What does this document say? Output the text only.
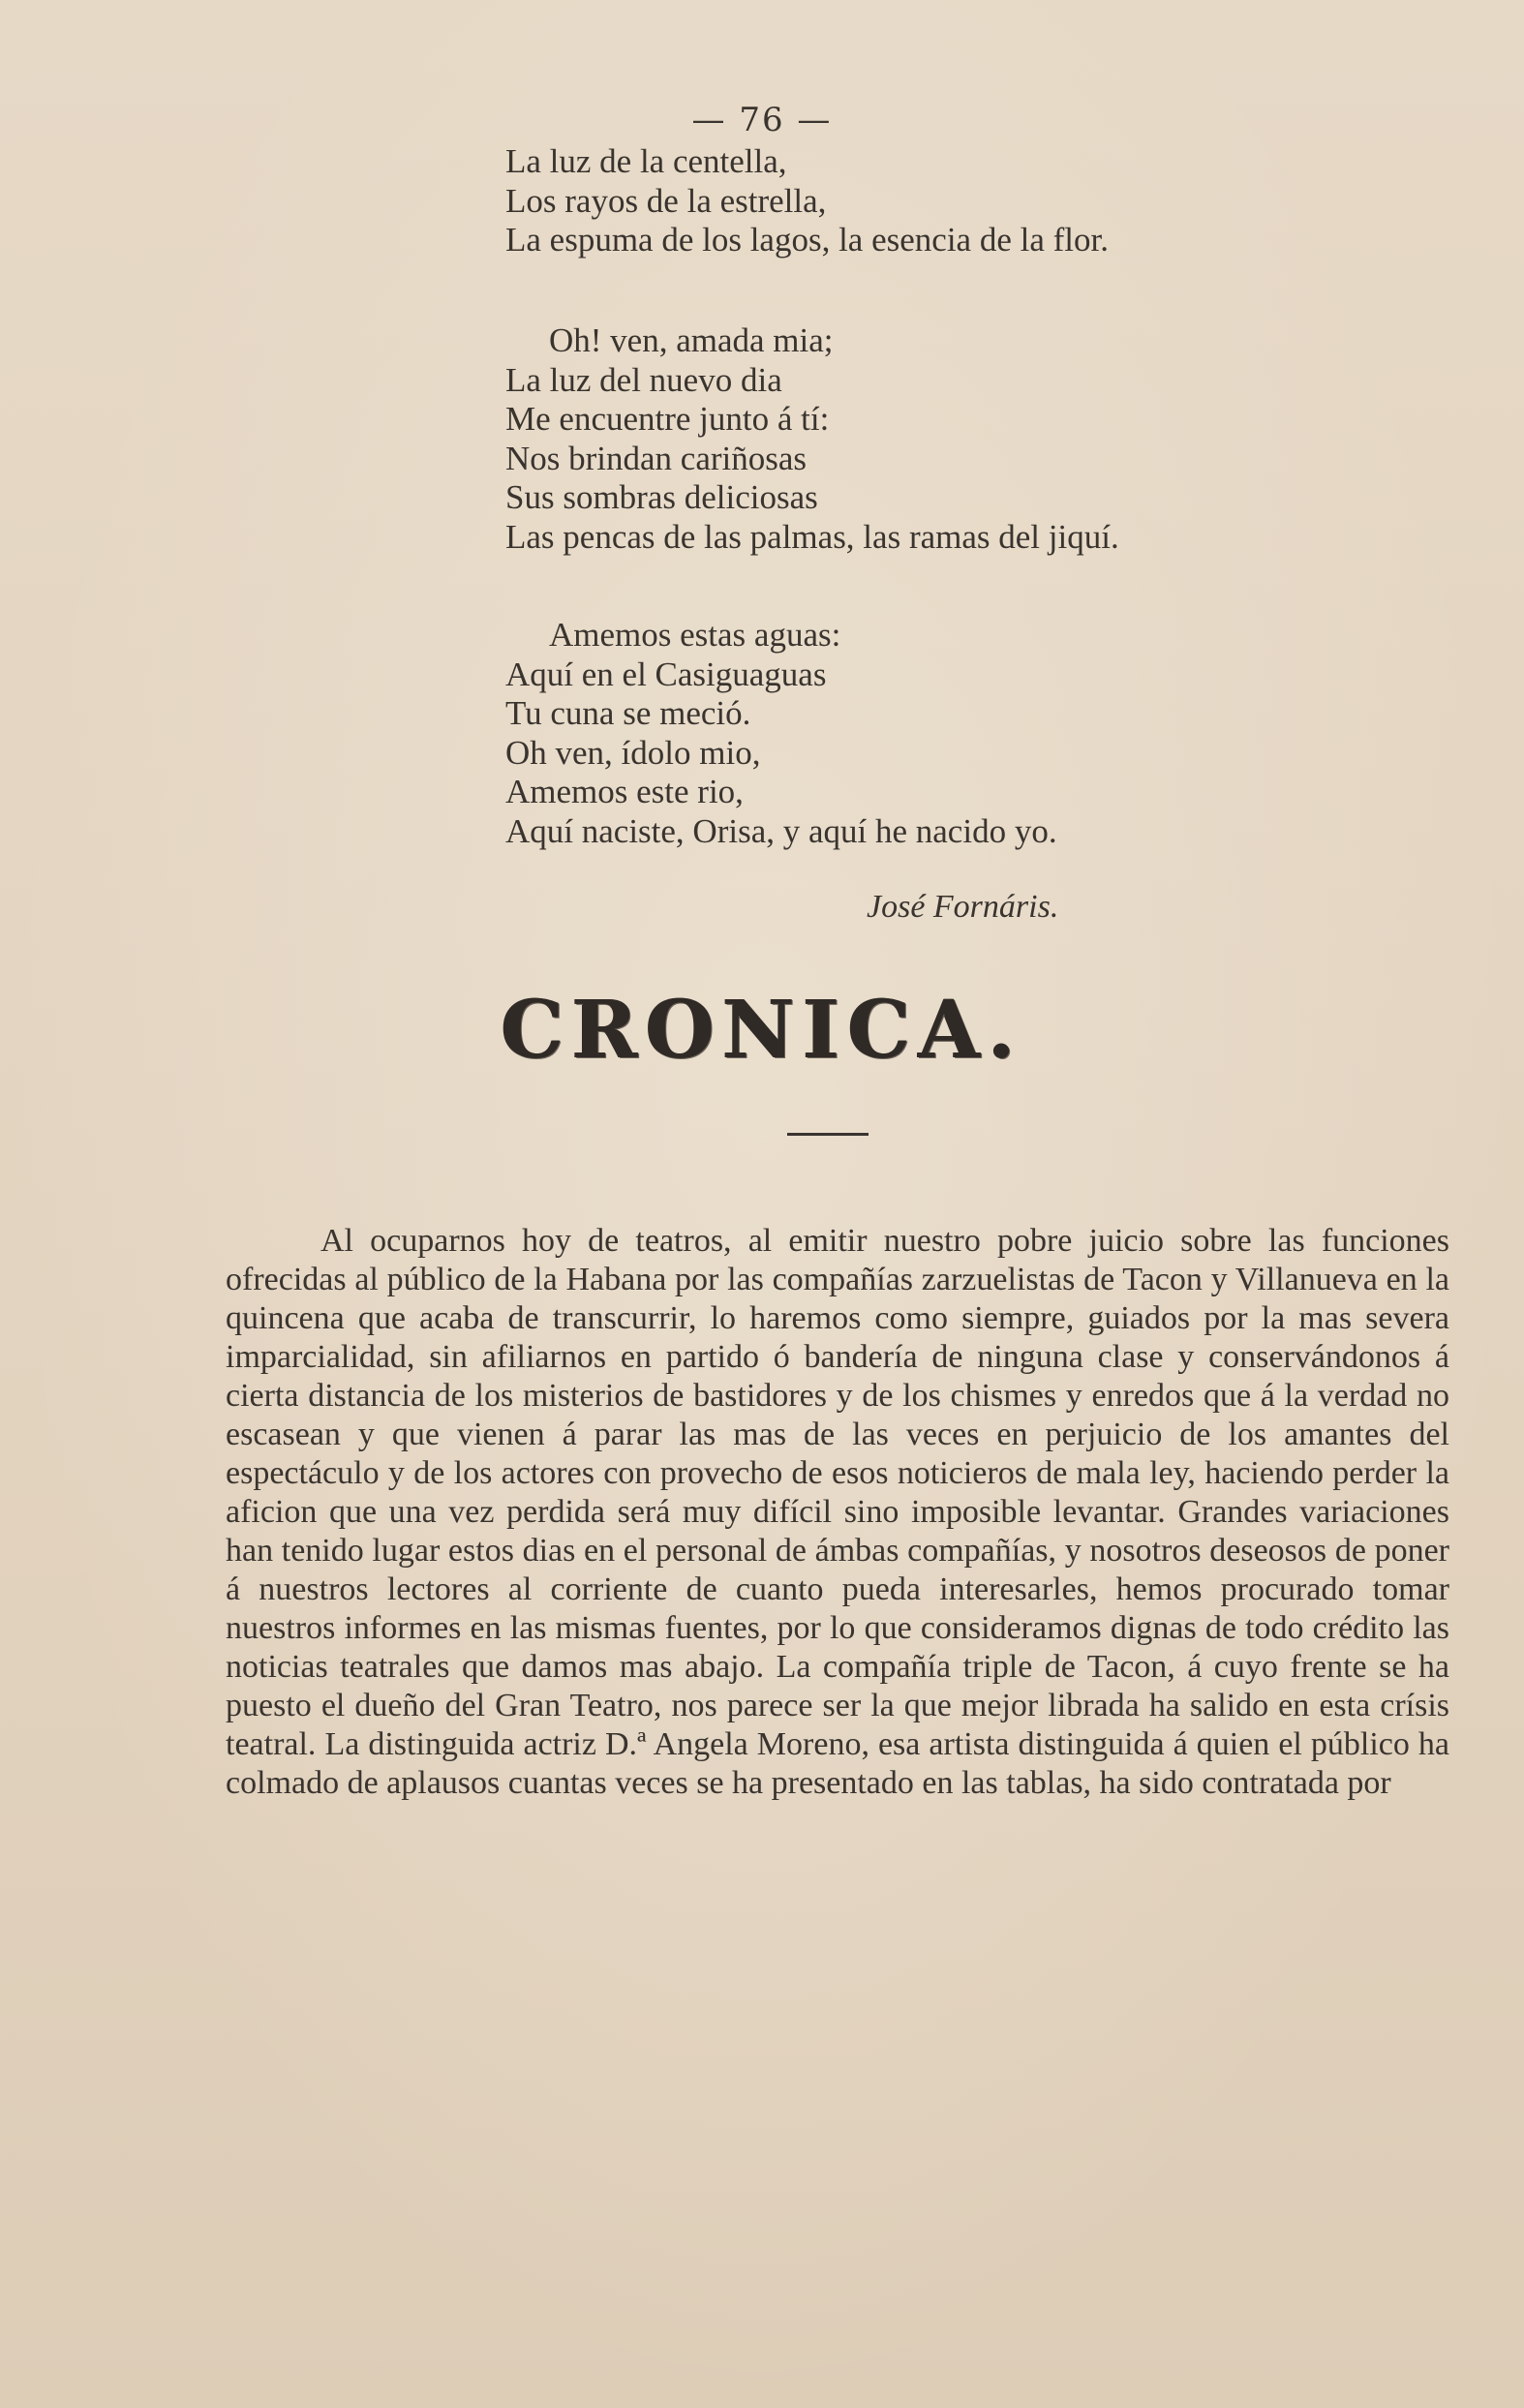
— 76 —
La luz de la centella,
Los rayos de la estrella,
La espuma de los lagos, la esencia de la flor.
Oh! ven, amada mia;
La luz del nuevo dia
Me encuentre junto á tí:
Nos brindan cariñosas
Sus sombras deliciosas
Las pencas de las palmas, las ramas del jiquí.
Amemos estas aguas:
Aquí en el Casiguaguas
Tu cuna se meció.
Oh ven, ídolo mio,
Amemos este rio,
Aquí naciste, Orisa, y aquí he nacido yo.
José Fornáris.
CRONICA.

Al ocuparnos hoy de teatros, al emitir nuestro pobre juicio sobre las funciones ofrecidas al público de la Habana por las compañías zarzuelistas de Tacon y Villanueva en la quincena que acaba de transcurrir, lo haremos como siempre, guiados por la mas severa imparcialidad, sin afiliarnos en partido ó bandería de ninguna clase y conservándonos á cierta distancia de los misterios de bastidores y de los chismes y enredos que á la verdad no escasean y que vienen á parar las mas de las veces en perjuicio de los amantes del espectáculo y de los actores con provecho de esos noticieros de mala ley, haciendo perder la aficion que una vez perdida será muy difícil sino imposible levantar. Grandes variaciones han tenido lugar estos dias en el personal de ámbas compañías, y nosotros deseosos de poner á nuestros lectores al corriente de cuanto pueda interesarles, hemos procurado tomar nuestros informes en las mismas fuentes, por lo que consideramos dignas de todo crédito las noticias teatrales que damos mas abajo. La compañía triple de Tacon, á cuyo frente se ha puesto el dueño del Gran Teatro, nos parece ser la que mejor librada ha salido en esta crísis teatral. La distinguida actriz D.ª Angela Moreno, esa artista distinguida á quien el público ha colmado de aplausos cuantas veces se ha presentado en las tablas, ha sido contratada por
